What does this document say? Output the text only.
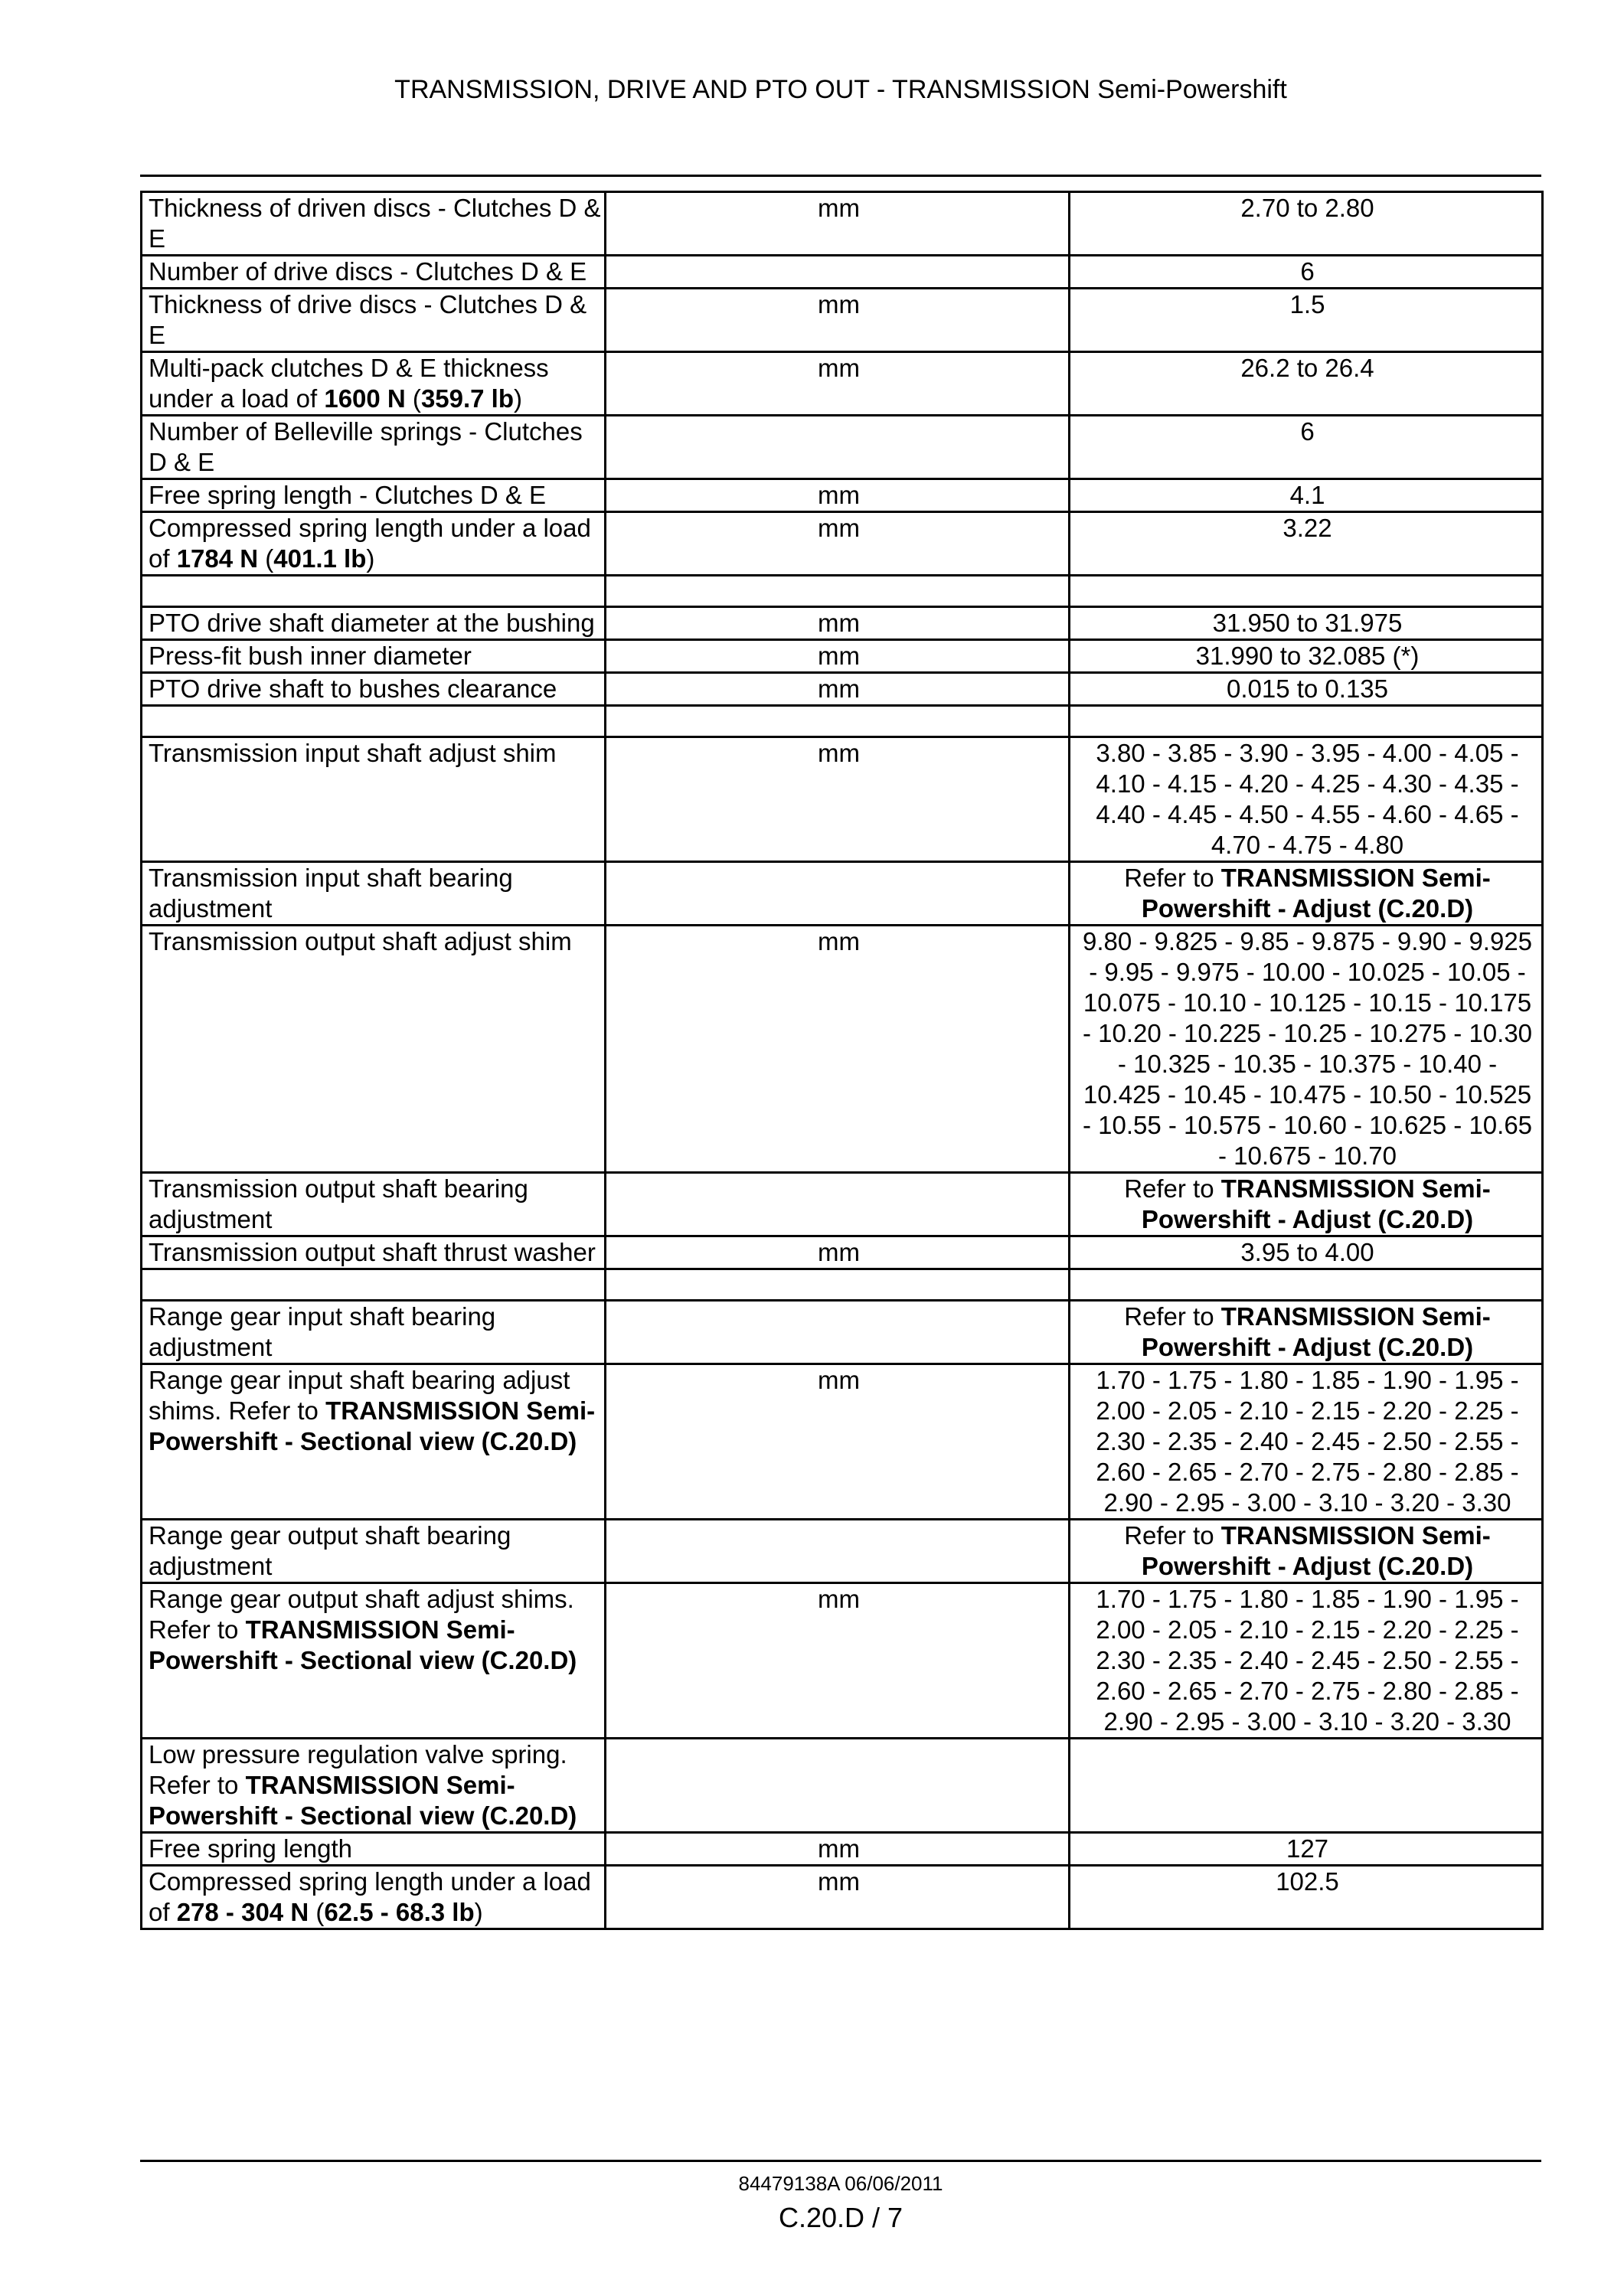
TRANSMISSION, DRIVE AND PTO OUT - TRANSMISSION Semi-Powershift
Thickness of driven discs - Clutches D & E	mm	2.70 to 2.80
Number of drive discs - Clutches D & E		6
Thickness of drive discs - Clutches D & E	mm	1.5
Multi-pack clutches D & E thickness under a load of 1600 N (359.7 lb)	mm	26.2 to 26.4
Number of Belleville springs - Clutches D & E		6
Free spring length - Clutches D & E	mm	4.1
Compressed spring length under a load of 1784 N (401.1 lb)	mm	3.22

PTO drive shaft diameter at the bushing	mm	31.950 to 31.975
Press-fit bush inner diameter	mm	31.990 to 32.085 (*)
PTO drive shaft to bushes clearance	mm	0.015 to 0.135

Transmission input shaft adjust shim	mm	3.80 - 3.85 - 3.90 - 3.95 - 4.00 - 4.05 - 4.10 - 4.15 - 4.20 - 4.25 - 4.30 - 4.35 - 4.40 - 4.45 - 4.50 - 4.55 - 4.60 - 4.65 - 4.70 - 4.75 - 4.80
Transmission input shaft bearing adjustment		Refer to TRANSMISSION Semi-Powershift - Adjust (C.20.D)
Transmission output shaft adjust shim	mm	9.80 - 9.825 - 9.85 - 9.875 - 9.90 - 9.925 - 9.95 - 9.975 - 10.00 - 10.025 - 10.05 - 10.075 - 10.10 - 10.125 - 10.15 - 10.175 - 10.20 - 10.225 - 10.25 - 10.275 - 10.30 - 10.325 - 10.35 - 10.375 - 10.40 - 10.425 - 10.45 - 10.475 - 10.50 - 10.525 - 10.55 - 10.575 - 10.60 - 10.625 - 10.65 - 10.675 - 10.70
Transmission output shaft bearing adjustment		Refer to TRANSMISSION Semi-Powershift - Adjust (C.20.D)
Transmission output shaft thrust washer	mm	3.95 to 4.00

Range gear input shaft bearing adjustment		Refer to TRANSMISSION Semi-Powershift - Adjust (C.20.D)
Range gear input shaft bearing adjust shims. Refer to TRANSMISSION Semi-Powershift - Sectional view (C.20.D)	mm	1.70 - 1.75 - 1.80 - 1.85 - 1.90 - 1.95 - 2.00 - 2.05 - 2.10 - 2.15 - 2.20 - 2.25 - 2.30 - 2.35 - 2.40 - 2.45 - 2.50 - 2.55 - 2.60 - 2.65 - 2.70 - 2.75 - 2.80 - 2.85 - 2.90 - 2.95 - 3.00 - 3.10 - 3.20 - 3.30
Range gear output shaft bearing adjustment		Refer to TRANSMISSION Semi-Powershift - Adjust (C.20.D)
Range gear output shaft adjust shims. Refer to TRANSMISSION Semi-Powershift - Sectional view (C.20.D)	mm	1.70 - 1.75 - 1.80 - 1.85 - 1.90 - 1.95 - 2.00 - 2.05 - 2.10 - 2.15 - 2.20 - 2.25 - 2.30 - 2.35 - 2.40 - 2.45 - 2.50 - 2.55 - 2.60 - 2.65 - 2.70 - 2.75 - 2.80 - 2.85 - 2.90 - 2.95 - 3.00 - 3.10 - 3.20 - 3.30
Low pressure regulation valve spring. Refer to TRANSMISSION Semi-Powershift - Sectional view (C.20.D)		
Free spring length	mm	127
Compressed spring length under a load of 278 - 304 N (62.5 - 68.3 lb)	mm	102.5
84479138A 06/06/2011
C.20.D / 7
